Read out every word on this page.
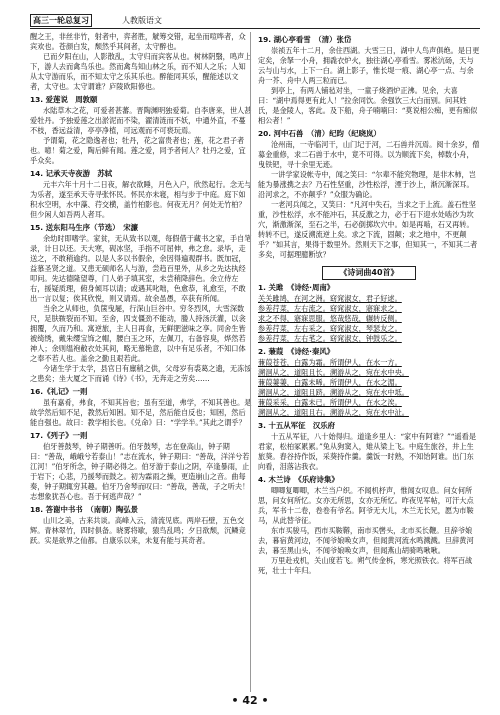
高三一轮总复习	人教版语文

醒之王，非丝非竹，射者中，弈者胜，觥筹交错，起坐而喧哗者，众宾欢也。苍颜白发，颓然乎其间者，太守醉也。

已而夕阳在山，人影散乱，太守归而宾客从也。树林阴翳，鸣声上下，游人去而禽鸟乐也。然而禽鸟知山林之乐，而不知人之乐；人知从太守游而乐，而不知太守之乐其乐也。醉能同其乐，醒能述以文者，太守也。太守谓谁？庐陵欧阳修也。

13. 爱莲说　周敦颐

水陆草木之花，可爱者甚蕃。晋陶渊明独爱菊。自李唐来，世人甚爱牡丹。予独爱莲之出淤泥而不染，濯清涟而不妖，中通外直，不蔓不枝，香远益清，亭亭净植，可远观而不可亵玩焉。

予谓菊，花之隐逸者也；牡丹，花之富贵者也；莲，花之君子者也。噫！菊之爱，陶后鲜有闻。莲之爱，同予者何人？牡丹之爱，宜乎众矣。

14. 记承天寺夜游　苏轼

元丰六年十月十二日夜，解衣欲睡，月色入户，欣然起行。念无与为乐者，遂至承天寺寻张怀民。怀民亦未寝，相与步于中庭。庭下如积水空明，水中藻、荇交横，盖竹柏影也。何夜无月？何处无竹柏？但少闲人如吾两人者耳。

15. 送东阳马生序（节选）　宋濂

余幼时即嗜学。家贫，无从致书以观，每假借于藏书之家，手自笔录，计日以还。天大寒，砚冰坚，手指不可屈伸，弗之怠。录毕，走送之，不敢稍逾约。以是人多以书假余，余因得遍观群书。既加冠，益慕圣贤之道。又患无硕师名人与游，尝趋百里外，从乡之先达执经叩问。先达德隆望尊，门人弟子填其室，未尝稍降辞色。余立侍左右，援疑质理，俯身倾耳以请；或遇其叱咄，色愈恭，礼愈至，不敢出一言以复；俟其欣悦，则又请焉。故余虽愚，卒获有所闻。

当余之从师也，负箧曳屣，行深山巨谷中。穷冬烈风，大雪深数尺，足肤皲裂而不知。至舍，四支僵劲不能动，媵人持汤沃灌，以衾拥覆，久而乃和。寓逆旅，主人日再食，无鲜肥滋味之享。同舍生皆被绮绣，戴朱缨宝饰之帽，腰白玉之环，左佩刀，右备容臭，烨然若神人；余则缊袍敝衣处其间，略无慕艳意，以中有足乐者，不知口体之奉不若人也。盖余之勤且艰若此。

今诸生学于太学，县官日有廪稍之供，父母岁有裘葛之遗，无冻馁之患矣；坐大厦之下而诵《诗》《书》，无奔走之劳矣……

16.《礼记》一则

虽有嘉肴，弗食，不知其旨也；虽有至道，弗学，不知其善也。是故学然后知不足，教然后知困。知不足，然后能自反也；知困，然后能自强也。故曰：教学相长也。《兑命》曰：“学学半。”其此之谓乎？

17.《列子》一则

伯牙善鼓琴，钟子期善听。伯牙鼓琴，志在登高山，钟子期曰：“善哉，峨峨兮若泰山！”志在流水，钟子期曰：“善哉，洋洋兮若江河！”伯牙所念，钟子期必得之。伯牙游于泰山之阴，卒逢暴雨，止于岩下；心悲，乃援琴而鼓之。初为霖雨之操，更造崩山之音。曲每奏，钟子期辄穷其趣。伯牙乃舍琴而叹曰：“善哉，善哉，子之听夫！志想象犹吾心也。吾于何逃声哉？”

18. 答谢中书书　（南朝）陶弘景

山川之美，古来共谈。高峰入云，清流见底。两岸石壁，五色交辉。青林翠竹，四时俱备。晓雾将歇，猿鸟乱鸣；夕日欲颓，沉鳞竞跃。实是欲界之仙都。自康乐以来，未复有能与其奇者。

19. 湖心亭看雪　（清）张岱

崇祯五年十二月，余住西湖。大雪三日，湖中人鸟声俱绝。是日更定矣，余拏一小舟，拥毳衣炉火，独往湖心亭看雪。雾凇沆砀，天与云与山与水，上下一白。湖上影子，惟长堤一痕、湖心亭一点、与余舟一芥、舟中人两三粒而已。

到亭上，有两人铺毡对坐，一童子烧酒炉正沸。见余，大喜曰：“湖中焉得更有此人！”拉余同饮。余强饮三大白而别。问其姓氏，是金陵人，客此。及下船，舟子喃喃曰：“莫说相公痴，更有痴似相公者！”

20. 河中石兽　（清）纪昀（纪晓岚）

沧州南，一寺临河干，山门圮于河，二石兽并沉焉。阅十余岁，僧募金重修，求二石兽于水中，竟不可得。以为顺流下矣，棹数小舟，曳铁钯，寻十余里无迹。

一讲学家设帐寺中，闻之笑曰：“尔辈不能究物理，是非木柿，岂能为暴涨携之去？乃石性坚重，沙性松浮，湮于沙上，渐沉渐深耳。沿河求之，不亦颠乎？”众服为确论。

一老河兵闻之，又笑曰：“凡河中失石，当求之于上流。盖石性坚重，沙性松浮，水不能冲石，其反激之力，必于石下迎水处啮沙为坎穴，渐激渐深，至石之半，石必倒掷坎穴中。如是再啮，石又再转。转转不已，遂反溯流逆上矣。求之下流，固颠；求之地中，不更颠乎？”如其言，果得于数里外。然则天下之事，但知其一，不知其二者多矣，可据理臆断欤？

《诗词曲40首》
1. 关雎　《诗经·周南》

关关雎鸠，在河之洲。窈窕淑女，君子好逑。

参差荇菜，左右流之。窈窕淑女，寤寐求之。

求之不得，寤寐思服。悠哉悠哉，辗转反侧。

参差荇菜，左右采之。窈窕淑女，琴瑟友之。

参差荇菜，左右芼之。窈窕淑女，钟鼓乐之。

2. 蒹葭　《诗经·秦风》

蒹葭苍苍，白露为霜。所谓伊人，在水一方。

溯洄从之，道阻且长。溯游从之，宛在水中央。

蒹葭萋萋，白露未晞。所谓伊人，在水之湄。

溯洄从之，道阻且跻。溯游从之，宛在水中坻。

蒹葭采采，白露未已。所谓伊人，在水之涘。

溯洄从之，道阻且右。溯游从之，宛在水中沚。

3. 十五从军征　汉乐府

十五从军征，八十始得归。道逢乡里人：“家中有阿谁？”“遥看是君家，松柏冢累累。”兔从狗窦入，雉从梁上飞。中庭生旅谷，井上生旅葵。舂谷持作饭，采葵持作羹。羹饭一时熟，不知饴阿谁。出门东向看，泪落沾我衣。

4. 木兰诗　《乐府诗集》

唧唧复唧唧，木兰当户织。不闻机杼声，惟闻女叹息。问女何所思，问女何所忆。女亦无所思，女亦无所忆。昨夜见军帖，可汗大点兵，军书十二卷，卷卷有爷名。阿爷无大儿，木兰无长兄，愿为市鞍马，从此替爷征。

东市买骏马，西市买鞍鞯，南市买辔头，北市买长鞭。旦辞爷娘去，暮宿黄河边，不闻爷娘唤女声，但闻黄河流水鸣溅溅。旦辞黄河去，暮至黑山头，不闻爷娘唤女声，但闻燕山胡骑鸣啾啾。

万里赴戎机，关山度若飞。朔气传金柝，寒光照铁衣。将军百战死，壮士十年归。

• 42 •
